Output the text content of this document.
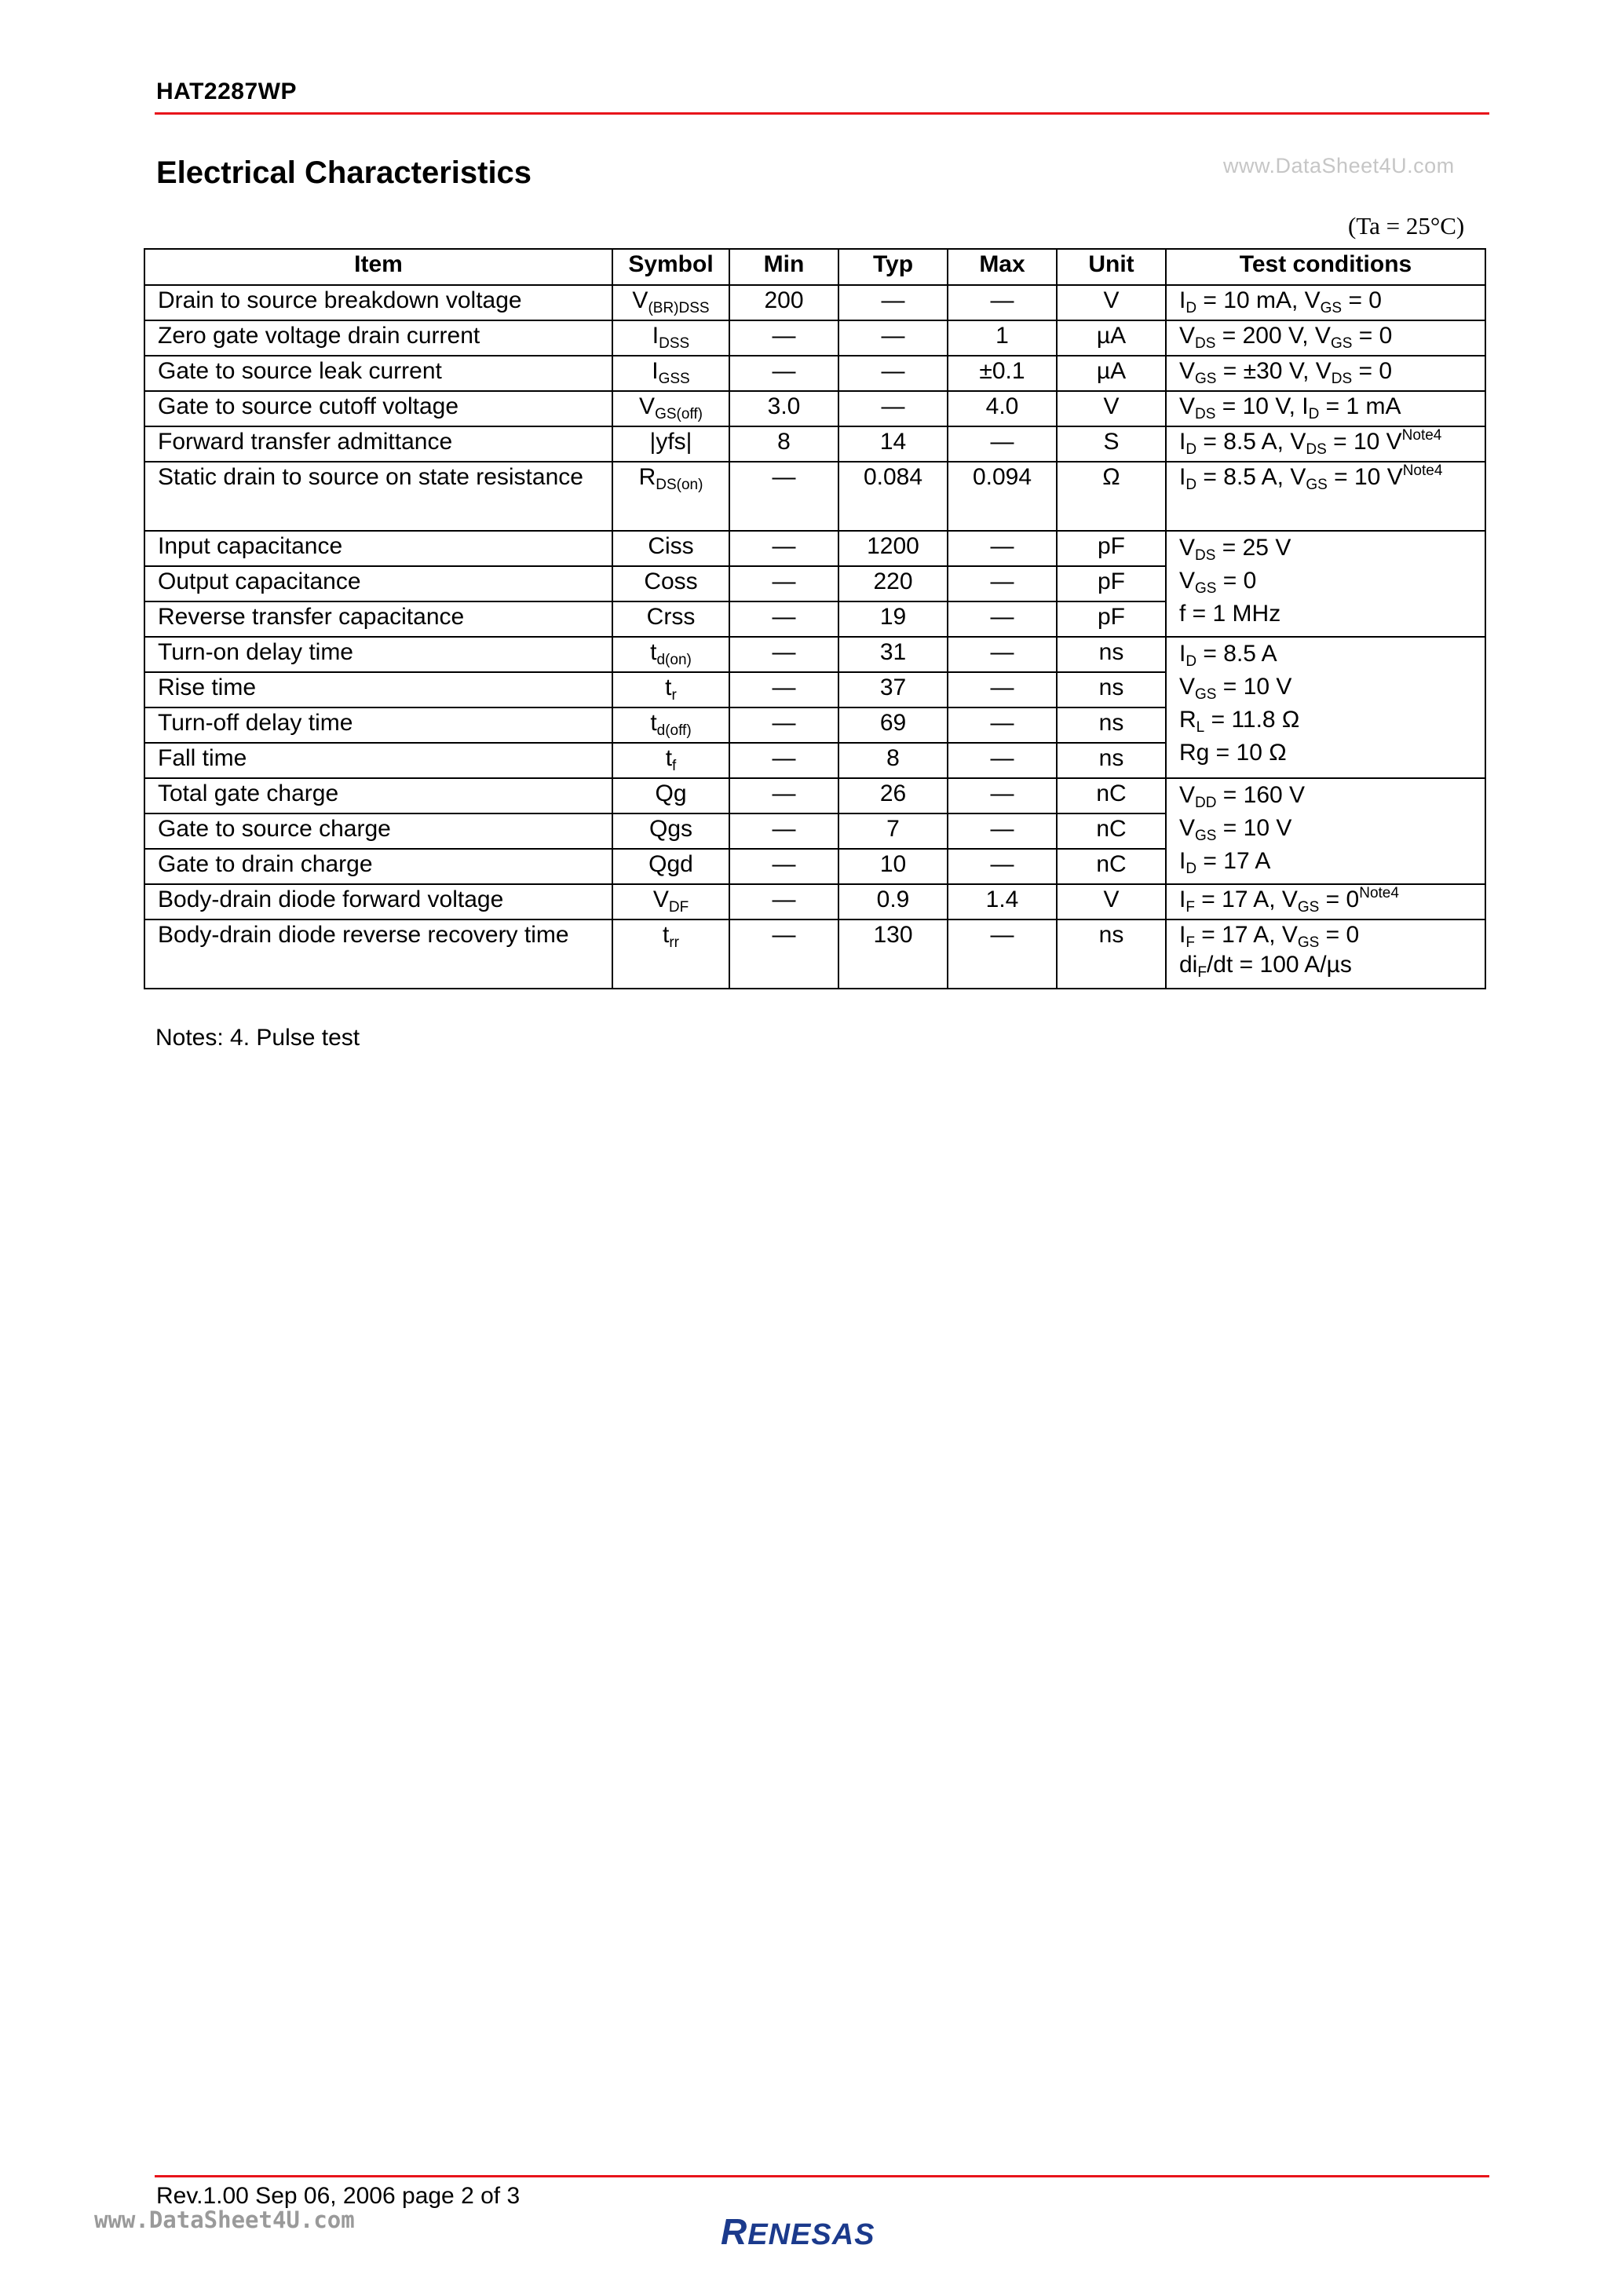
HAT2287WP
Electrical Characteristics	www.DataSheet4U.com
(Ta = 25°C)
Item	Symbol	Min	Typ	Max	Unit	Test conditions
Drain to source breakdown voltage	$V_{(BR)DSS}$	200	—	—	V	$I_D = 10$ mA, $V_{GS} = 0$
Zero gate voltage drain current	$I_{DSS}$	—	—	1	µA	$V_{DS} = 200$ V, $V_{GS} = 0$
Gate to source leak current	$I_{GSS}$	—	—	±0.1	µA	$V_{GS} = \pm 30$ V, $V_{DS} = 0$
Gate to source cutoff voltage	$V_{GS(off)}$	3.0	—	4.0	V	$V_{DS} = 10$ V, $I_D = 1$ mA
Forward transfer admittance	|yfs|	8	14	—	S	$I_D = 8.5$ A, $V_{DS} = 10$ $V^{Note4}$
Static drain to source on state resistance	$R_{DS(on)}$	—	0.084	0.094	Ω	$I_D = 8.5$ A, $V_{GS} = 10$ $V^{Note4}$
Input capacitance	Ciss	—	1200	—	pF	$V_{DS} = 25$ V
$V_{GS} = 0$
f = 1 MHz
Output capacitance	Coss	—	220	—	pF	
Reverse transfer capacitance	Crss	—	19	—	pF	
Turn-on delay time	$t_{d(on)}$	—	31	—	ns	$I_D = 8.5$ A
$V_{GS} = 10$ V
$R_L = 11.8$ Ω
Rg = 10 Ω
Rise time	$t_r$	—	37	—	ns	
Turn-off delay time	$t_{d(off)}$	—	69	—	ns	
Fall time	$t_f$	—	8	—	ns	
Total gate charge	Qg	—	26	—	nC	$V_{DD} = 160$ V
$V_{GS} = 10$ V
$I_D = 17$ A
Gate to source charge	Qgs	—	7	—	nC	
Gate to drain charge	Qgd	—	10	—	nC	
Body-drain diode forward voltage	$V_{DF}$	—	0.9	1.4	V	$I_F = 17$ A, $V_{GS} = 0^{Note4}$
Body-drain diode reverse recovery time	$t_{rr}$	—	130	—	ns	$I_F = 17$ A, $V_{GS} = 0$
$di_F/dt = 100$ A/µs
Notes: 4. Pulse test
Rev.1.00 Sep 06, 2006 page 2 of 3
www.DataSheet4U.com	RENESAS
